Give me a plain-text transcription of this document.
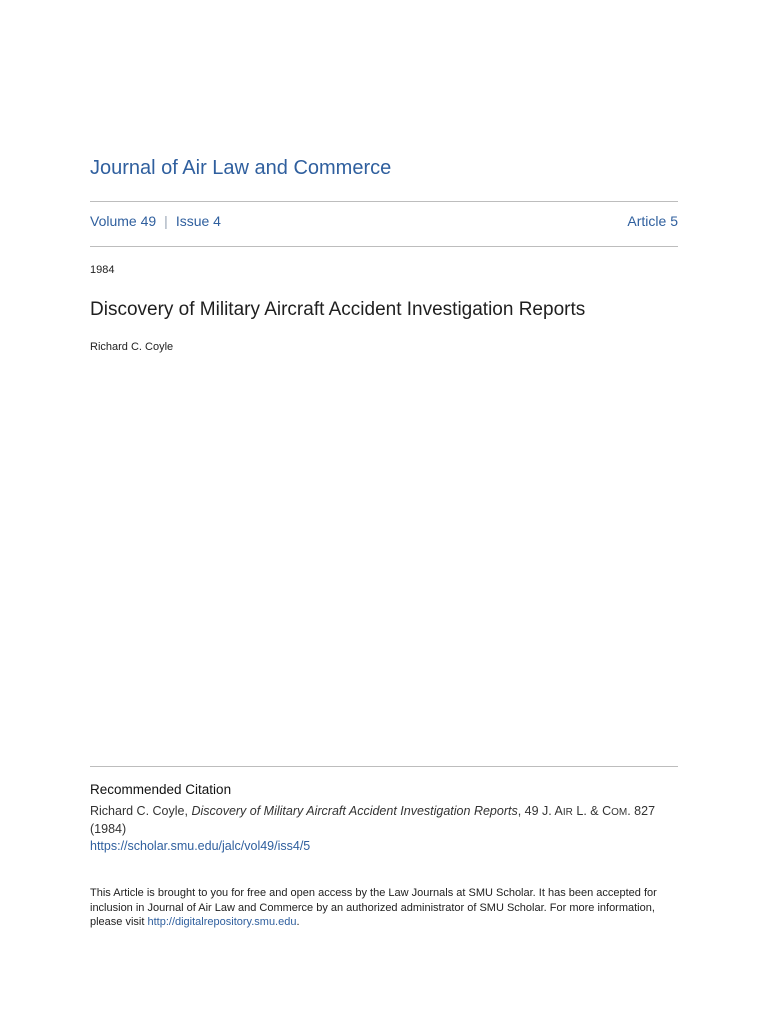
Journal of Air Law and Commerce
Volume 49 | Issue 4	Article 5
1984
Discovery of Military Aircraft Accident Investigation Reports
Richard C. Coyle
Recommended Citation
Richard C. Coyle, Discovery of Military Aircraft Accident Investigation Reports, 49 J. AIR L. & COM. 827 (1984)
https://scholar.smu.edu/jalc/vol49/iss4/5
This Article is brought to you for free and open access by the Law Journals at SMU Scholar. It has been accepted for inclusion in Journal of Air Law and Commerce by an authorized administrator of SMU Scholar. For more information, please visit http://digitalrepository.smu.edu.
